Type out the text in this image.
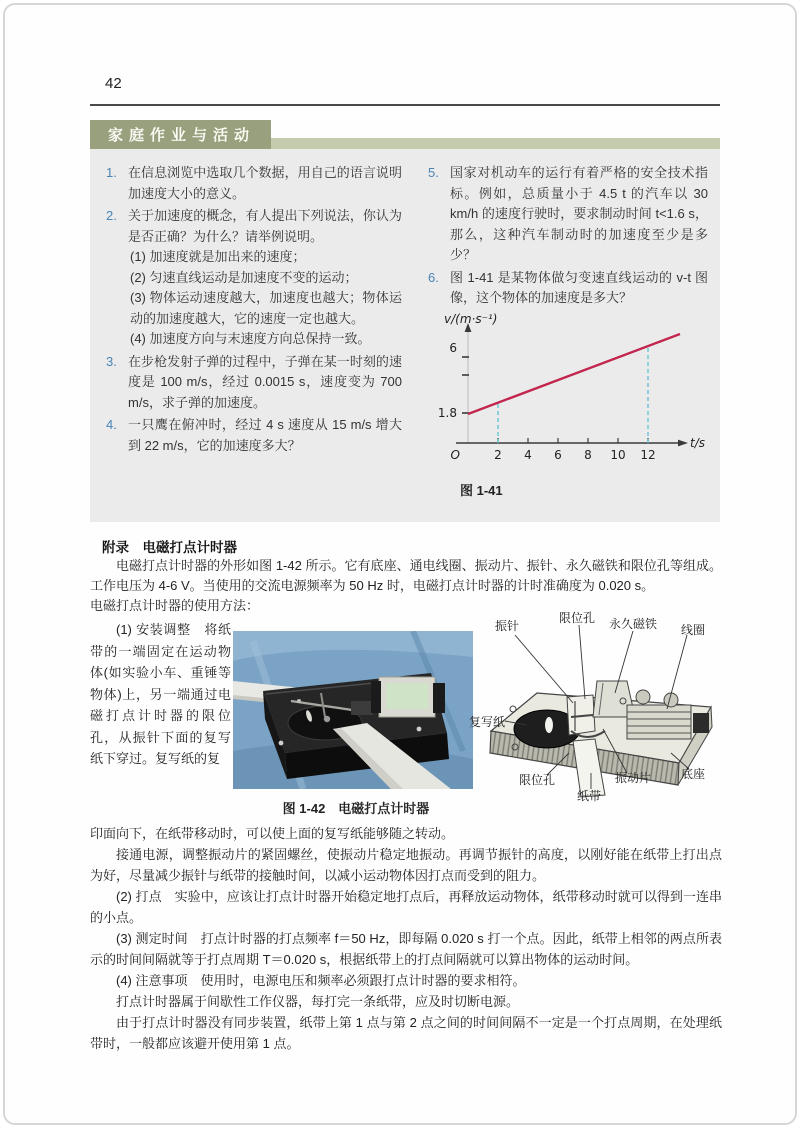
42
家庭作业与活动
1. 在信息浏览中选取几个数据，用自己的语言说明加速度大小的意义。
2. 关于加速度的概念，有人提出下列说法，你认为是否正确？为什么？请举例说明。
(1) 加速度就是加出来的速度；
(2) 匀速直线运动是加速度不变的运动；
(3) 物体运动速度越大，加速度也越大；物体运动的加速度越大，它的速度一定也越大。
(4) 加速度方向与末速度方向总保持一致。
3. 在步枪发射子弹的过程中，子弹在某一时刻的速度是 100 m/s，经过 0.0015 s，速度变为 700 m/s，求子弹的加速度。
4. 一只鹰在俯冲时，经过 4 s 速度从 15 m/s 增大到 22 m/s，它的加速度多大？
5. 国家对机动车的运行有着严格的安全技术指标。例如，总质量小于 4.5 t 的汽车以 30 km/h 的速度行驶时，要求制动时间 t<1.6 s，那么，这种汽车制动时的加速度至少是多少？
6. 图 1-41 是某物体做匀变速直线运动的 v-t 图像，这个物体的加速度是多大？
v/(m·s⁻¹)
6
1.8
O	2 4 6 8 10 12
t/s
图 1-41
附录　电磁打点计时器
电磁打点计时器的外形如图 1-42 所示。它有底座、通电线圈、振动片、振针、永久磁铁和限位孔等组成。工作电压为 4-6 V。当使用的交流电源频率为 50 Hz 时，电磁打点计时器的计时准确度为 0.020 s。
电磁打点计时器的使用方法：
(1) 安装调整　将纸带的一端固定在运动物体(如实验小车、重锤等物体)上，另一端通过电磁打点计时器的限位孔，从振针下面的复写纸下穿过。复写纸的复
振针
限位孔 永久磁铁 线圈
复写纸
限位孔
纸带
振动片 底座
图 1-42　电磁打点计时器

印面向下，在纸带移动时，可以使上面的复写纸能够随之转动。

接通电源，调整振动片的紧固螺丝，使振动片稳定地振动。再调节振针的高度，以刚好能在纸带上打出点为好，尽量减少振针与纸带的接触时间，以减小运动物体因打点而受到的阻力。

(2) 打点　实验中，应该让打点计时器开始稳定地打点后，再释放运动物体，纸带移动时就可以得到一连串的小点。

(3) 测定时间　打点计时器的打点频率 f＝50 Hz，即每隔 0.020 s 打一个点。因此，纸带上相邻的两点所表示的时间间隔就等于打点周期 T＝0.020 s，根据纸带上的打点间隔就可以算出物体的运动时间。

(4) 注意事项　使用时，电源电压和频率必须跟打点计时器的要求相符。

打点计时器属于间歇性工作仪器，每打完一条纸带，应及时切断电源。

由于打点计时器没有同步装置，纸带上第 1 点与第 2 点之间的时间间隔不一定是一个打点周期，在处理纸带时，一般都应该避开使用第 1 点。
